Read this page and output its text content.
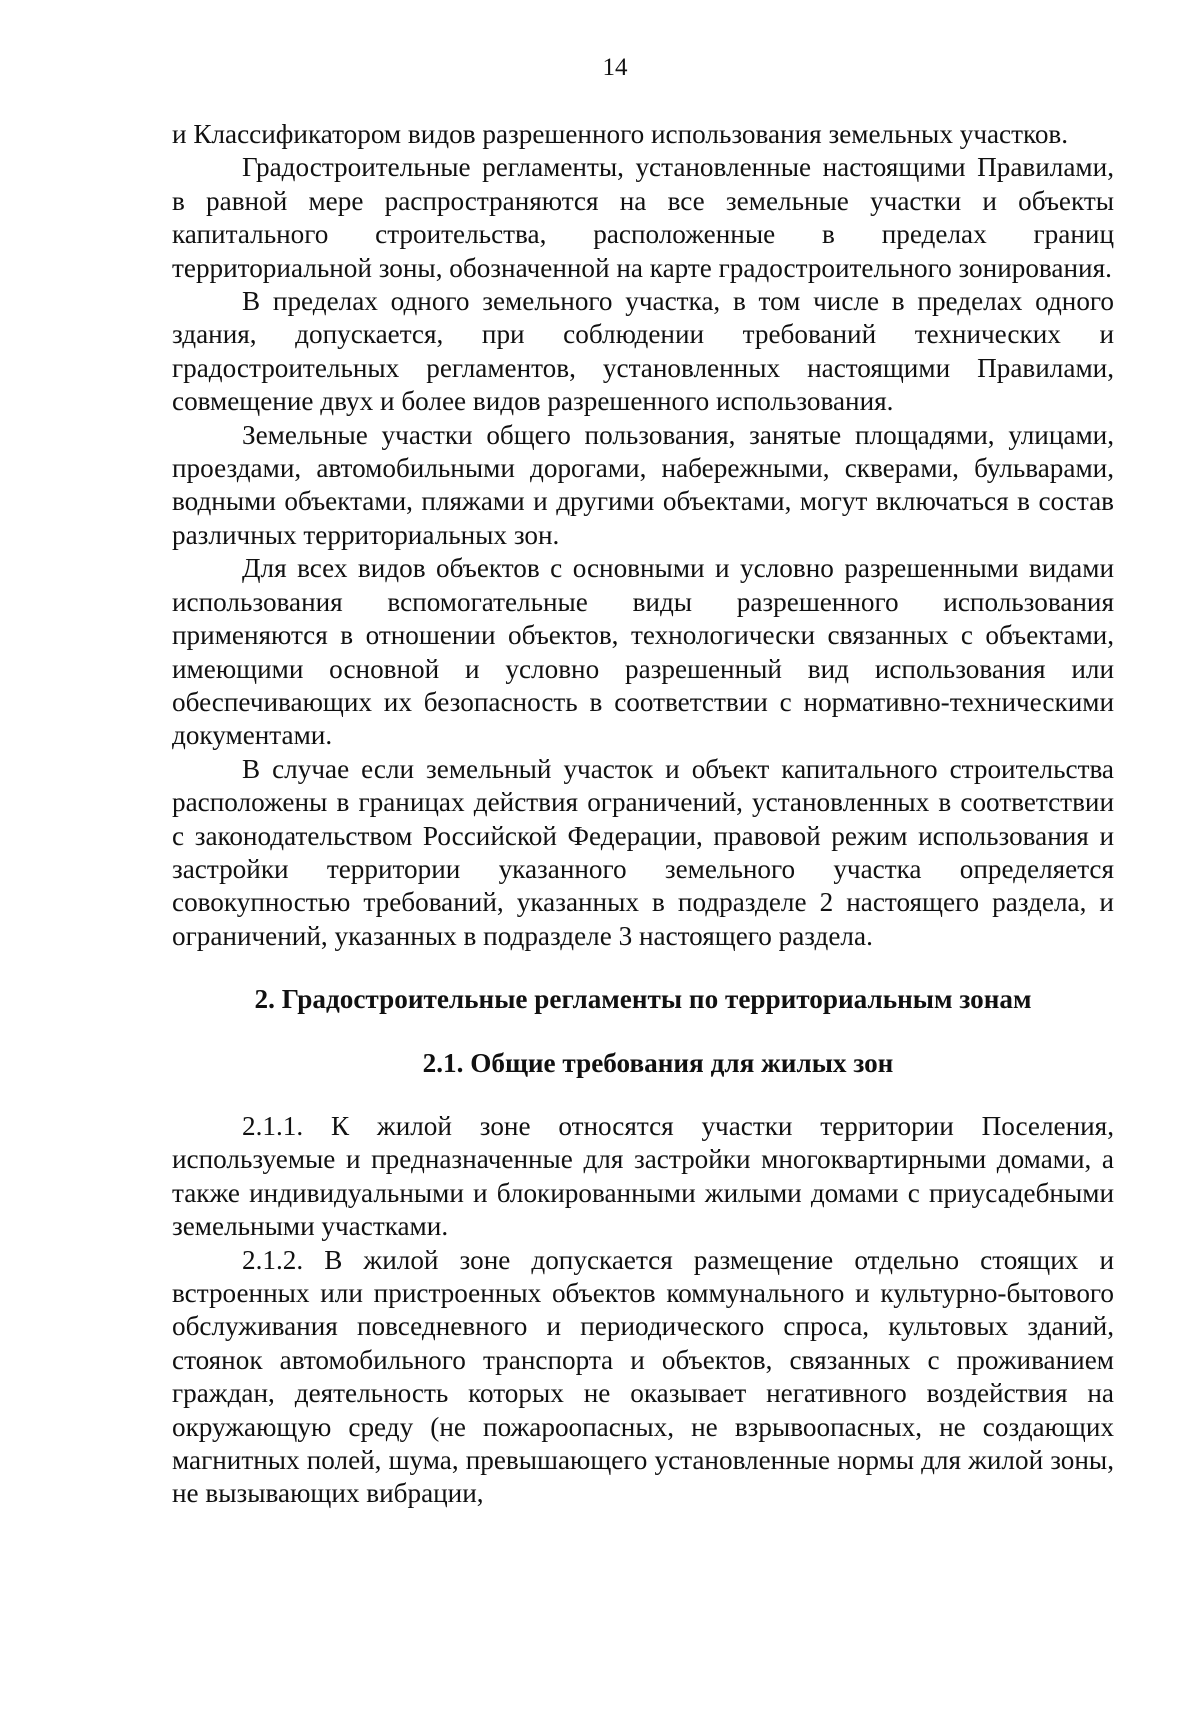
14

и Классификатором видов разрешенного использования земельных участков.

Градостроительные регламенты, установленные настоящими Правилами, в равной мере распространяются на все земельные участки и объекты капитального строительства, расположенные в пределах границ территориальной зоны, обозначенной на карте градостроительного зонирования.

В пределах одного земельного участка, в том числе в пределах одного здания, допускается, при соблюдении требований технических и градостроительных регламентов, установленных настоящими Правилами, совмещение двух и более видов разрешенного использования.

Земельные участки общего пользования, занятые площадями, улицами, проездами, автомобильными дорогами, набережными, скверами, бульварами, водными объектами, пляжами и другими объектами, могут включаться в состав различных территориальных зон.

Для всех видов объектов с основными и условно разрешенными видами использования вспомогательные виды разрешенного использования применяются в отношении объектов, технологически связанных с объектами, имеющими основной и условно разрешенный вид использования или обеспечивающих их безопасность в соответствии с нормативно-техническими документами.

В случае если земельный участок и объект капитального строительства расположены в границах действия ограничений, установленных в соответствии с законодательством Российской Федерации, правовой режим использования и застройки территории указанного земельного участка определяется совокупностью требований, указанных в подразделе 2 настоящего раздела, и ограничений, указанных в подразделе 3 настоящего раздела.

2. Градостроительные регламенты по территориальным зонам
2.1. Общие требования для жилых зон

2.1.1. К жилой зоне относятся участки территории Поселения, используемые и предназначенные для застройки многоквартирными домами, а также индивидуальными и блокированными жилыми домами с приусадебными земельными участками.

2.1.2. В жилой зоне допускается размещение отдельно стоящих и встроенных или пристроенных объектов коммунального и культурно-бытового обслуживания повседневного и периодического спроса, культовых зданий, стоянок автомобильного транспорта и объектов, связанных с проживанием граждан, деятельность которых не оказывает негативного воздействия на окружающую среду (не пожароопасных, не взрывоопасных, не создающих магнитных полей, шума, превышающего установленные нормы для жилой зоны, не вызывающих вибрации,
